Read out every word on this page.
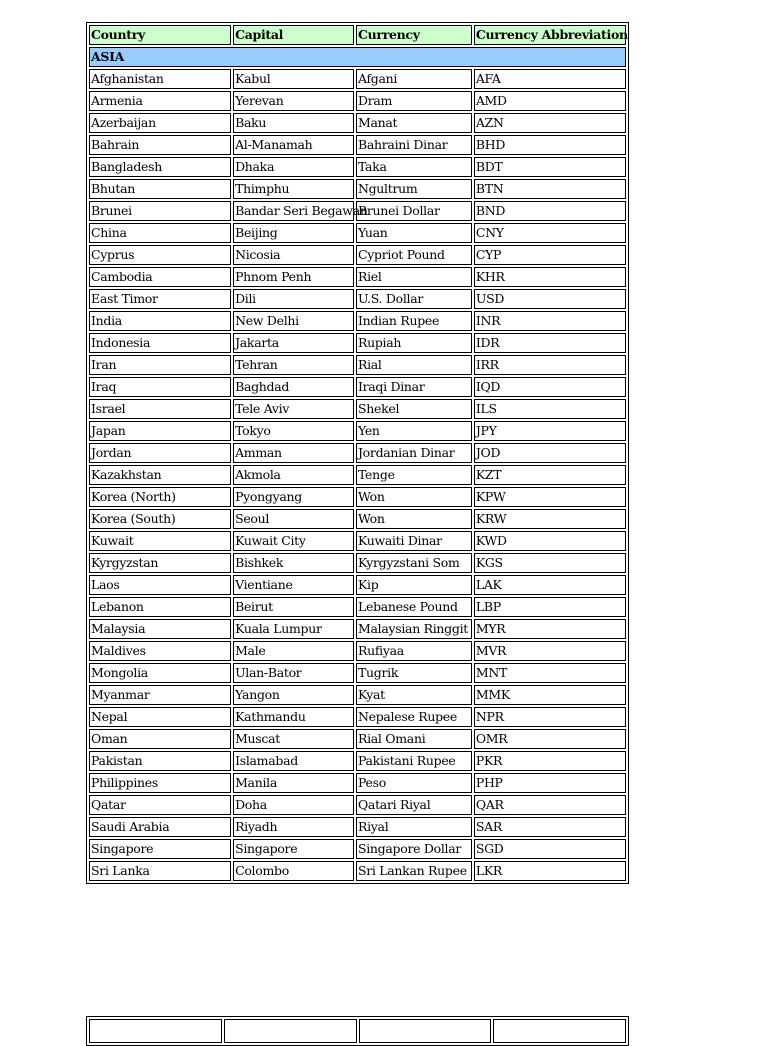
Country	Capital	Currency	Currency Abbreviation
ASIA			
Afghanistan	Kabul	Afgani	AFA
Armenia	Yerevan	Dram	AMD
Azerbaijan	Baku	Manat	AZN
Bahrain	Al-Manamah	Bahraini Dinar	BHD
Bangladesh	Dhaka	Taka	BDT
Bhutan	Thimphu	Ngultrum	BTN
Brunei	Bandar Seri Begawan	Brunei Dollar	BND
China	Beijing	Yuan	CNY
Cyprus	Nicosia	Cypriot Pound	CYP
Cambodia	Phnom Penh	Riel	KHR
East Timor	Dili	U.S. Dollar	USD
India	New Delhi	Indian Rupee	INR
Indonesia	Jakarta	Rupiah	IDR
Iran	Tehran	Rial	IRR
Iraq	Baghdad	Iraqi Dinar	IQD
Israel	Tele Aviv	Shekel	ILS
Japan	Tokyo	Yen	JPY
Jordan	Amman	Jordanian Dinar	JOD
Kazakhstan	Akmola	Tenge	KZT
Korea (North)	Pyongyang	Won	KPW
Korea (South)	Seoul	Won	KRW
Kuwait	Kuwait City	Kuwaiti Dinar	KWD
Kyrgyzstan	Bishkek	Kyrgyzstani Som	KGS
Laos	Vientiane	Kip	LAK
Lebanon	Beirut	Lebanese Pound	LBP
Malaysia	Kuala Lumpur	Malaysian Ringgit	MYR
Maldives	Male	Rufiyaa	MVR
Mongolia	Ulan-Bator	Tugrik	MNT
Myanmar	Yangon	Kyat	MMK
Nepal	Kathmandu	Nepalese Rupee	NPR
Oman	Muscat	Rial Omani	OMR
Pakistan	Islamabad	Pakistani Rupee	PKR
Philippines	Manila	Peso	PHP
Qatar	Doha	Qatari Riyal	QAR
Saudi Arabia	Riyadh	Riyal	SAR
Singapore	Singapore	Singapore Dollar	SGD
Sri Lanka	Colombo	Sri Lankan Rupee	LKR
